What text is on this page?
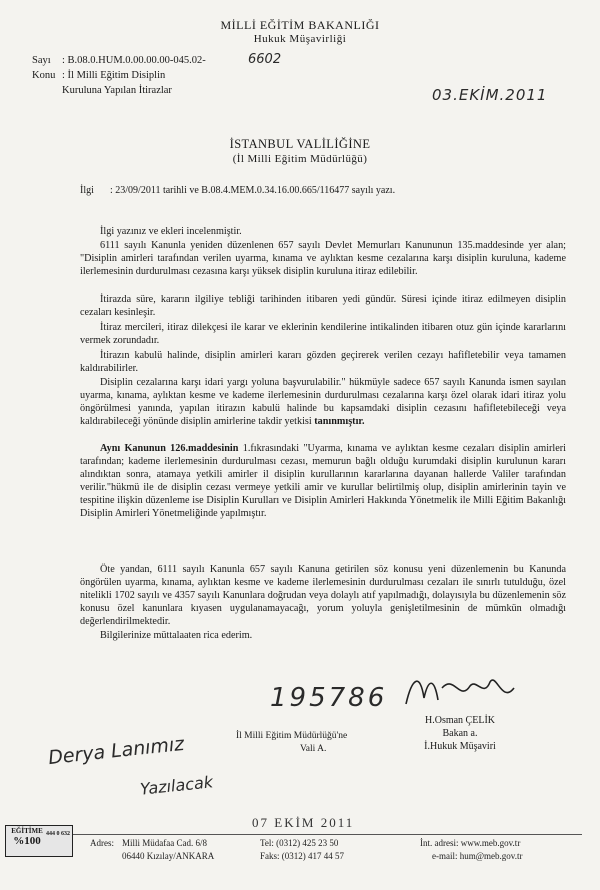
MİLLİ EĞİTİM BAKANLIĞI
Hukuk Müşavirliği
Sayı : B.08.0.HUM.0.00.00.00-045.02-	6602
Konu : İl Milli Eğitim Disiplin
Kuruluna Yapılan İtirazlar	03.EKİM.2011
İSTANBUL VALİLİĞİNE
(İl Milli Eğitim Müdürlüğü)
İlgi : 23/09/2011 tarihli ve B.08.4.MEM.0.34.16.00.665/116477 sayılı yazı.
İlgi yazınız ve ekleri incelenmiştir.
6111 sayılı Kanunla yeniden düzenlenen 657 sayılı Devlet Memurları Kanununun 135.maddesinde yer alan; "Disiplin amirleri tarafından verilen uyarma, kınama ve aylıktan kesme cezalarına karşı disiplin kuruluna, kademe ilerlemesinin durdurulması cezasına karşı yüksek disiplin kuruluna itiraz edilebilir.
İtirazda süre, kararın ilgiliye tebliği tarihinden itibaren yedi gündür. Süresi içinde itiraz edilmeyen disiplin cezaları kesinleşir.
İtiraz mercileri, itiraz dilekçesi ile karar ve eklerinin kendilerine intikalinden itibaren otuz gün içinde kararlarını vermek zorundadır.
İtirazın kabulü halinde, disiplin amirleri kararı gözden geçirerek verilen cezayı hafifletebilir veya tamamen kaldırabilirler.
Disiplin cezalarına karşı idari yargı yoluna başvurulabilir." hükmüyle sadece 657 sayılı Kanunda ismen sayılan uyarma, kınama, aylıktan kesme ve kademe ilerlemesinin durdurulması cezalarına karşı özel olarak idari itiraz yolu öngörülmesi yanında, yapılan itirazın kabulü halinde bu kapsamdaki disiplin cezasını hafifletebileceği veya kaldırabileceği yönünde disiplin amirlerine takdir yetkisi tanınmıştır.
Aynı Kanunun 126.maddesinin 1.fıkrasındaki "Uyarma, kınama ve aylıktan kesme cezaları disiplin amirleri tarafından; kademe ilerlemesinin durdurulması cezası, memurun bağlı olduğu kurumdaki disiplin kurulunun kararı alındıktan sonra, atamaya yetkili amirler il disiplin kurullarının kararlarına dayanan hallerde Valiler tarafından verilir."hükmü ile de disiplin cezası vermeye yetkili amir ve kurullar belirtilmiş olup, disiplin amirlerinin tayin ve tespitine ilişkin düzenleme ise Disiplin Kurulları ve Disiplin Amirleri Hakkında Yönetmelik ile Milli Eğitim Bakanlığı Disiplin Amirleri Yönetmeliğinde yapılmıştır.
Öte yandan, 6111 sayılı Kanunla 657 sayılı Kanuna getirilen söz konusu yeni düzenlemenin bu Kanunda öngörülen uyarma, kınama, aylıktan kesme ve kademe ilerlemesinin durdurulması cezaları ile sınırlı tutulduğu, özel nitelikli 1702 sayılı ve 4357 sayılı Kanunlara doğrudan veya dolaylı atıf yapılmadığı, dolayısıyla bu düzenlemenin söz konusu özel kanunlara kıyasen uygulanamayacağı, yorum yoluyla genişletilmesinin de mümkün olmadığı değerlendirilmektedir.
Bilgilerinize müttalaaten rica ederim.
195786
H.Osman ÇELİK
Bakan a.
İ.Hukuk Müşaviri
İl Milli Eğitim Müdürlüğü'ne
Vali A.
Derya Lanımız
Yazılacak
07 EKİM 2011
EĞİTİME
%100
444 0 632
Adres: Milli Müdafaa Cad. 6/8
06440 Kızılay/ANKARA
Tel: (0312) 425 23 50
Faks: (0312) 417 44 57
İnt. adresi: www.meb.gov.tr
e-mail: hum@meb.gov.tr
